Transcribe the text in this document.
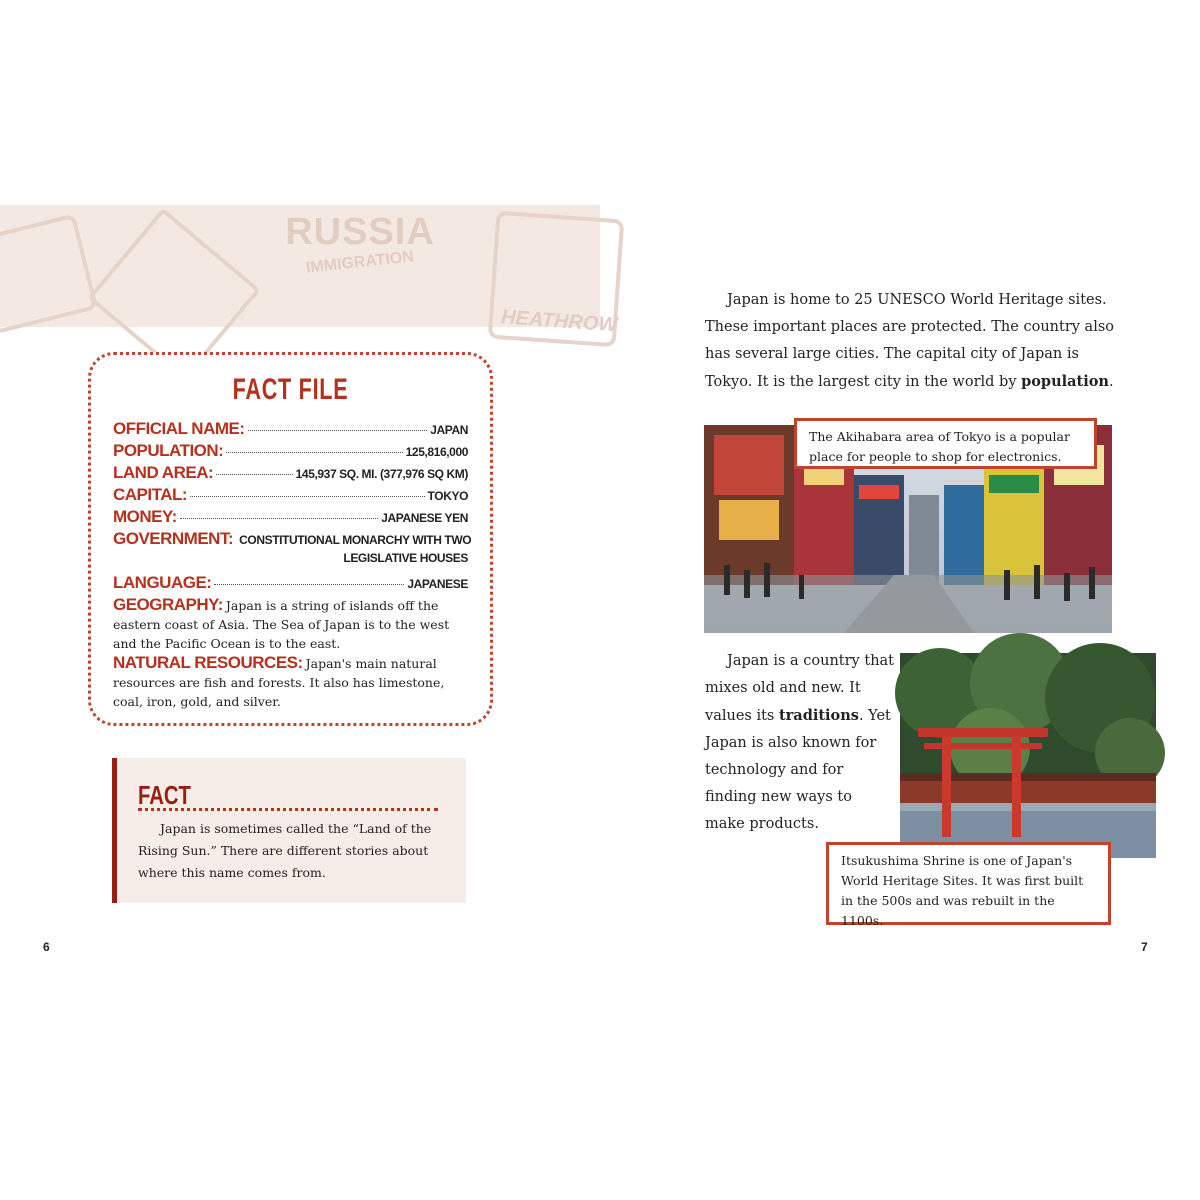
RUSSIA
IMMIGRATION
HEATHROW
FACT FILE
OFFICIAL NAME:	JAPAN
POPULATION:	125,816,000
LAND AREA:	145,937 SQ. MI. (377,976 SQ KM)
CAPITAL:	TOKYO
MONEY:	JAPANESE YEN
GOVERNMENT: CONSTITUTIONAL MONARCHY WITH TWO
LEGISLATIVE HOUSES
LANGUAGE:	JAPANESE
GEOGRAPHY: Japan is a string of islands off the eastern coast of Asia. The Sea of Japan is to the west and the Pacific Ocean is to the east.
NATURAL RESOURCES: Japan's main natural resources are fish and forests. It also has limestone, coal, iron, gold, and silver.
FACT
Japan is sometimes called the “Land of the Rising Sun.” There are different stories about where this name comes from.
6	7

Japan is home to 25 UNESCO World Heritage sites. These important places are protected. The country also has several large cities. The capital city of Japan is Tokyo. It is the largest city in the world by population.

The Akihabara area of Tokyo is a popular place for people to shop for electronics.

Japan is a country that mixes old and new. It values its traditions. Yet Japan is also known for technology and for finding new ways to make products.

Itsukushima Shrine is one of Japan's World Heritage Sites. It was first built in the 500s and was rebuilt in the 1100s.
